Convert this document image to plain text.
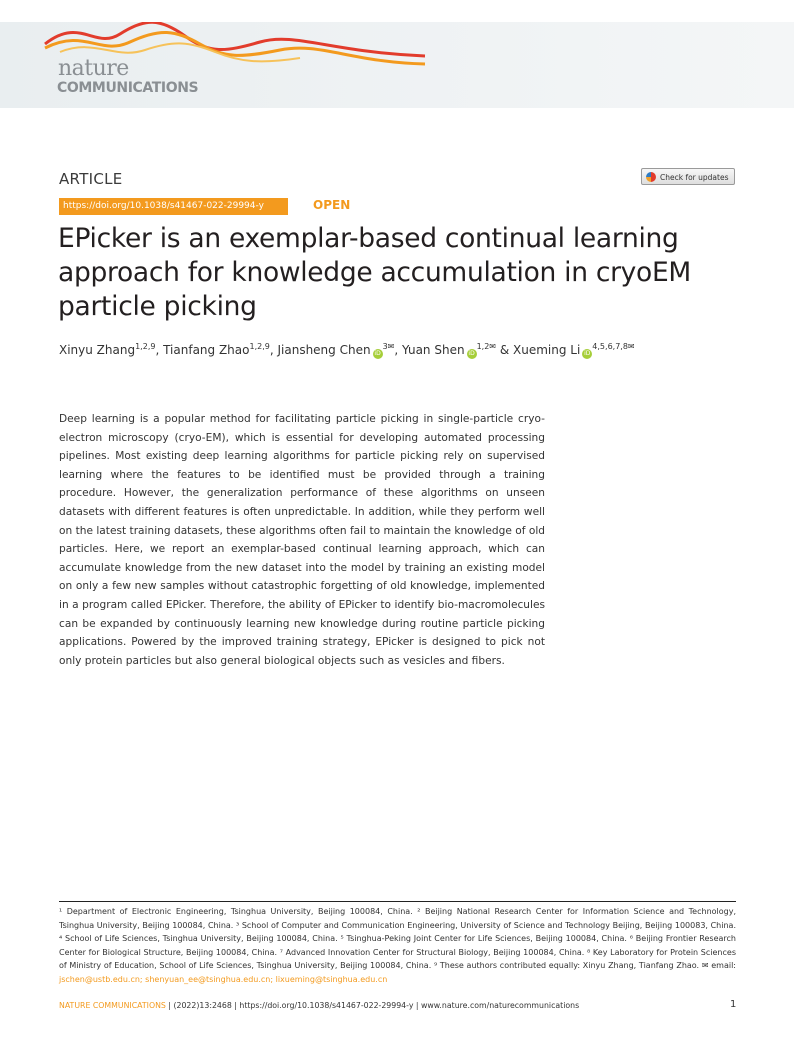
nature
COMMUNICATIONS
ARTICLE	Check for updates
https://doi.org/10.1038/s41467-022-29994-y	OPEN
EPicker is an exemplar-based continual learning approach for knowledge accumulation in cryoEM particle picking
Xinyu Zhang$^{1,2,9}$, Tianfang Zhao$^{1,2,9}$, Jiansheng Chen $iD^{3✉}$, Yuan Shen $iD^{1,2✉}$ & Xueming Li $iD^{4,5,6,7,8✉}$

Deep learning is a popular method for facilitating particle picking in single-particle cryo-electron microscopy (cryo-EM), which is essential for developing automated processing pipelines. Most existing deep learning algorithms for particle picking rely on supervised learning where the features to be identified must be provided through a training procedure. However, the generalization performance of these algorithms on unseen datasets with different features is often unpredictable. In addition, while they perform well on the latest training datasets, these algorithms often fail to maintain the knowledge of old particles. Here, we report an exemplar-based continual learning approach, which can accumulate knowledge from the new dataset into the model by training an existing model on only a few new samples without catastrophic forgetting of old knowledge, implemented in a program called EPicker. Therefore, the ability of EPicker to identify bio-macromolecules can be expanded by continuously learning new knowledge during routine particle picking applications. Powered by the improved training strategy, EPicker is designed to pick not only protein particles but also general biological objects such as vesicles and fibers.

¹ Department of Electronic Engineering, Tsinghua University, Beijing 100084, China. ² Beijing National Research Center for Information Science and Technology, Tsinghua University, Beijing 100084, China. ³ School of Computer and Communication Engineering, University of Science and Technology Beijing, Beijing 100083, China. ⁴ School of Life Sciences, Tsinghua University, Beijing 100084, China. ⁵ Tsinghua-Peking Joint Center for Life Sciences, Beijing 100084, China. ⁶ Beijing Frontier Research Center for Biological Structure, Beijing 100084, China. ⁷ Advanced Innovation Center for Structural Biology, Beijing 100084, China. ⁸ Key Laboratory for Protein Sciences of Ministry of Education, School of Life Sciences, Tsinghua University, Beijing 100084, China. ⁹ These authors contributed equally: Xinyu Zhang, Tianfang Zhao. ✉ email: jschen@ustb.edu.cn; shenyuan_ee@tsinghua.edu.cn; lixueming@tsinghua.edu.cn

NATURE COMMUNICATIONS | (2022)13:2468 | https://doi.org/10.1038/s41467-022-29994-y | www.nature.com/naturecommunications	1
